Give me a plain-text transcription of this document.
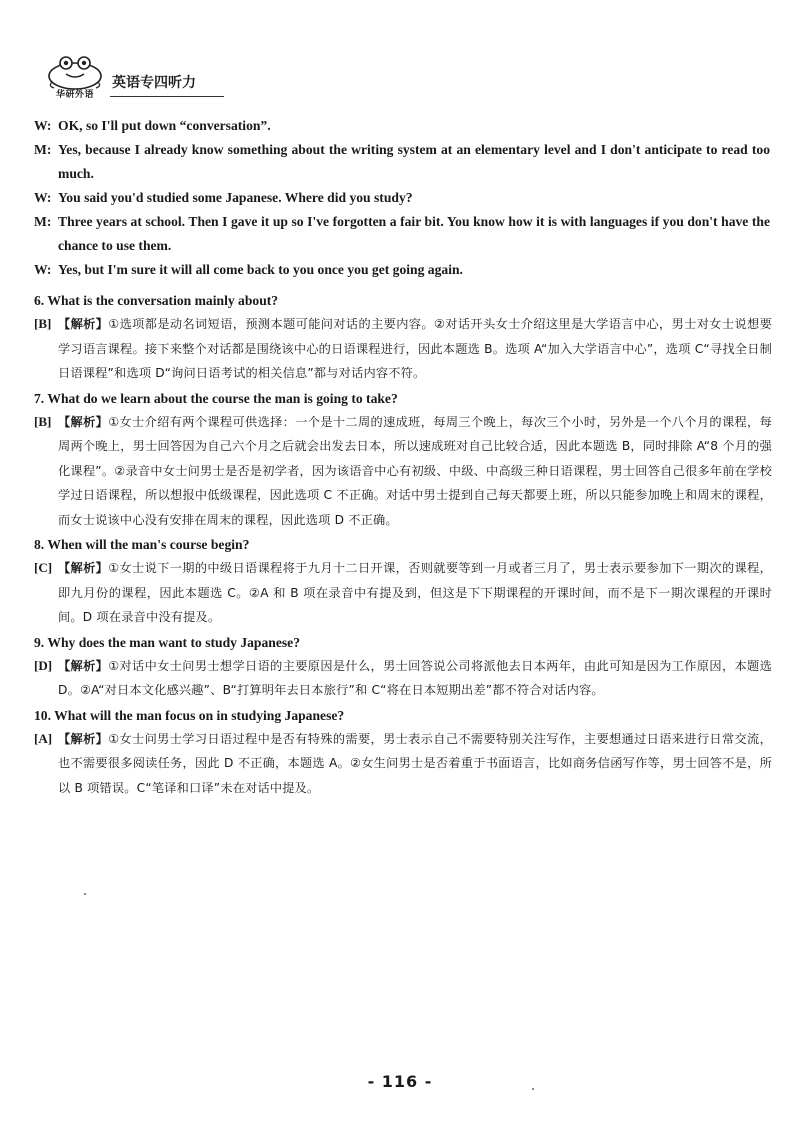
华研外语
英语专四听力
W: OK, so I'll put down “conversation”.
M: Yes, because I already know something about the writing system at an elementary level and I don't anticipate to read too much.
W: You said you'd studied some Japanese. Where did you study?
M: Three years at school. Then I gave it up so I've forgotten a fair bit. You know how it is with languages if you don't have the chance to use them.
W: Yes, but I'm sure it will all come back to you once you get going again.
6. What is the conversation mainly about?
[B] 【解析】①选项都是动名词短语，预测本题可能问对话的主要内容。②对话开头女士介绍这里是大学语言中心，男士对女士说想要学习语言课程。接下来整个对话都是围绕该中心的日语课程进行，因此本题选 B。选项 A“加入大学语言中心”，选项 C“寻找全日制日语课程”和选项 D“询问日语考试的相关信息”都与对话内容不符。
7. What do we learn about the course the man is going to take?
[B] 【解析】①女士介绍有两个课程可供选择：一个是十二周的速成班，每周三个晚上，每次三个小时，另外是一个八个月的课程，每周两个晚上，男士回答因为自己六个月之后就会出发去日本，所以速成班对自己比较合适，因此本题选 B，同时排除 A“8 个月的强化课程”。②录音中女士问男士是否是初学者，因为该语音中心有初级、中级、中高级三种日语课程，男士回答自己很多年前在学校学过日语课程，所以想报中低级课程，因此选项 C 不正确。对话中男士提到自己每天都要上班，所以只能参加晚上和周末的课程，而女士说该中心没有安排在周末的课程，因此选项 D 不正确。
8. When will the man's course begin?
[C] 【解析】①女士说下一期的中级日语课程将于九月十二日开课，否则就要等到一月或者三月了，男士表示要参加下一期次的课程，即九月份的课程，因此本题选 C。②A 和 B 项在录音中有提及到，但这是下下期课程的开课时间，而不是下一期次课程的开课时间。D 项在录音中没有提及。
9. Why does the man want to study Japanese?
[D] 【解析】①对话中女士问男士想学日语的主要原因是什么，男士回答说公司将派他去日本两年，由此可知是因为工作原因，本题选 D。②A“对日本文化感兴趣”、B“打算明年去日本旅行”和 C“将在日本短期出差”都不符合对话内容。
10. What will the man focus on in studying Japanese?
[A] 【解析】①女士问男士学习日语过程中是否有特殊的需要，男士表示自己不需要特别关注写作，主要想通过日语来进行日常交流，也不需要很多阅读任务，因此 D 不正确，本题选 A。②女生问男士是否着重于书面语言，比如商务信函写作等，男士回答不是，所以 B 项错误。C“笔译和口译”未在对话中提及。
- 116 -
